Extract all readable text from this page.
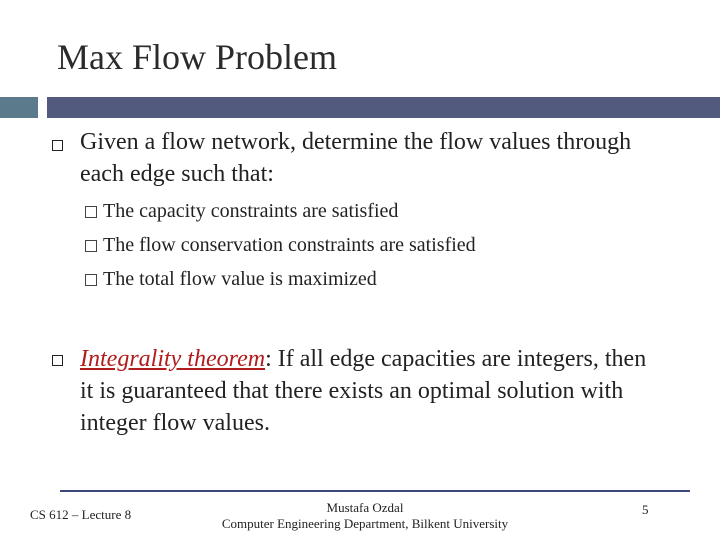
Max Flow Problem
Given a flow network, determine the flow values through each edge such that:
The capacity constraints are satisfied
The flow conservation constraints are satisfied
The total flow value is maximized
Integrality theorem: If all edge capacities are integers, then it is guaranteed that there exists an optimal solution with integer flow values.
CS 612 – Lecture 8	Mustafa Ozdal
Computer Engineering Department, Bilkent University
5
